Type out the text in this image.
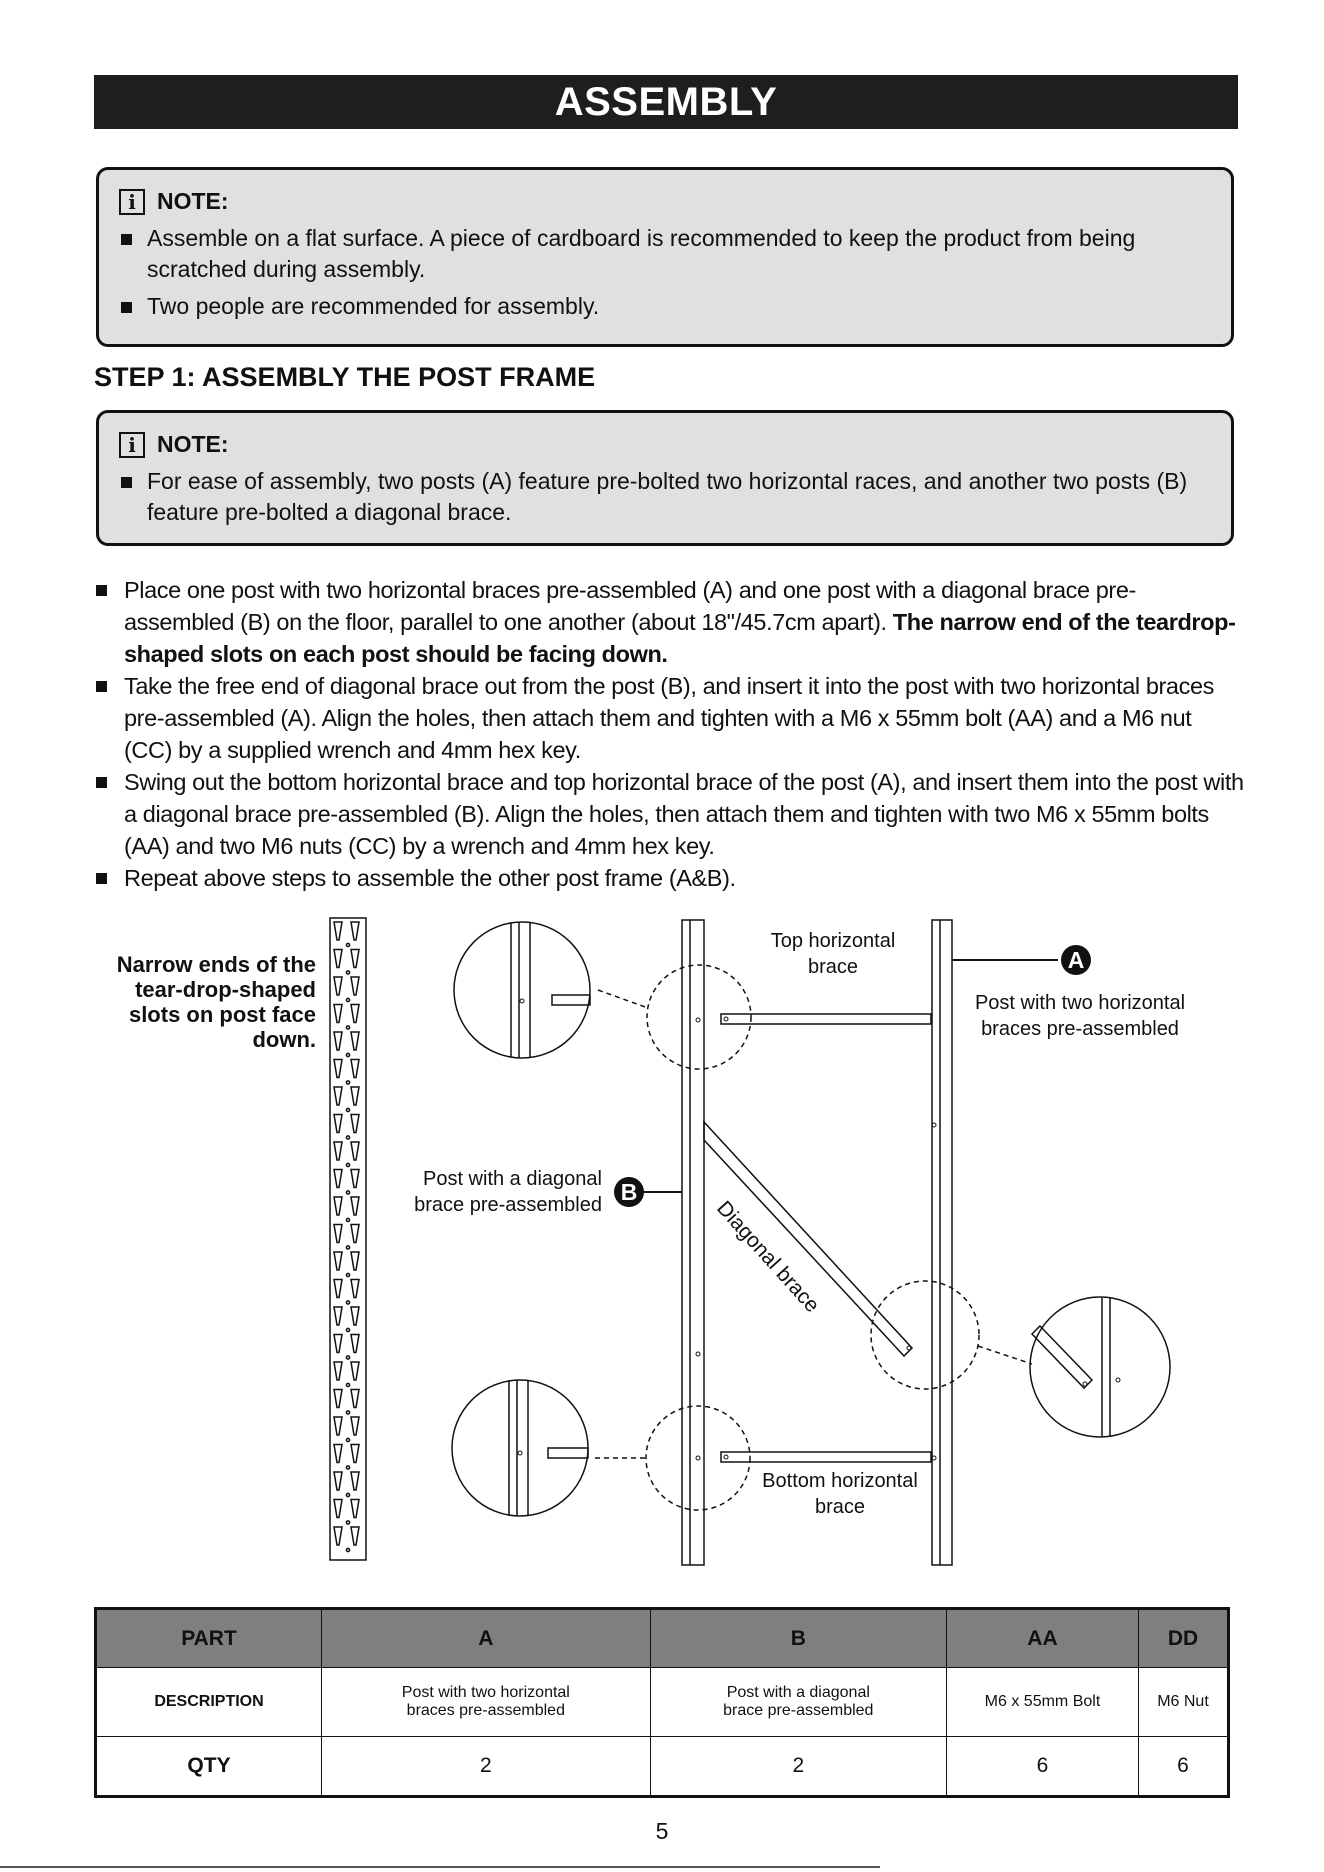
ASSEMBLY
i NOTE:
Assemble on a flat surface. A piece of cardboard is recommended to keep the product from being scratched during assembly.
Two people are recommended for assembly.
STEP 1: ASSEMBLY THE POST FRAME
i NOTE:
For ease of assembly, two posts (A) feature pre-bolted two horizontal races, and another two posts (B) feature pre-bolted a diagonal brace.
Place one post with two horizontal braces pre-assembled (A) and one post with a diagonal brace pre-assembled (B) on the floor, parallel to one another (about 18"/45.7cm apart). The narrow end of the teardrop-shaped slots on each post should be facing down.
Take the free end of diagonal brace out from the post (B), and insert it into the post with two horizontal braces pre-assembled (A). Align the holes, then attach them and tighten with a M6 x 55mm bolt (AA) and a M6 nut (CC) by a supplied wrench and 4mm hex key.
Swing out the bottom horizontal brace and top horizontal brace of the post (A), and insert them into the post with a diagonal brace pre-assembled (B). Align the holes, then attach them and tighten with two M6 x 55mm bolts (AA) and two M6 nuts (CC) by a wrench and 4mm hex key.
Repeat above steps to assemble the other post frame (A&B).
Narrow ends of the tear-drop-shaped slots on post face down.
Top horizontal brace	A
Post with two horizontal braces pre-assembled
B
Post with a diagonal brace pre-assembled	Diagonal brace
Bottom horizontal brace
PART	A	B	AA	DD
DESCRIPTION	Post with two horizontal braces pre-assembled	Post with a diagonal brace pre-assembled	M6 x 55mm Bolt	M6 Nut
QTY	2	2	6	6
5
